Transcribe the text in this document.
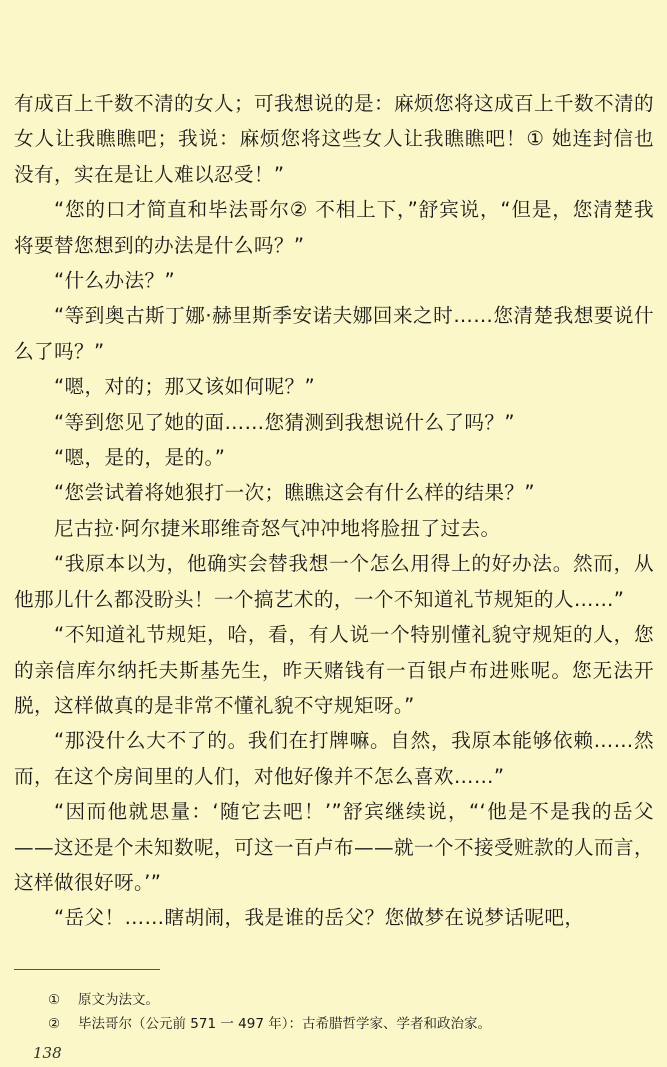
有成百上千数不清的女人；可我想说的是：麻烦您将这成百上千数不清的女人让我瞧瞧吧；我说：麻烦您将这些女人让我瞧瞧吧！① 她连封信也没有，实在是让人难以忍受！”

“您的口才简直和毕法哥尔② 不相上下，”舒宾说，“但是，您清楚我将要替您想到的办法是什么吗？”

“什么办法？”

“等到奥古斯丁娜·赫里斯季安诺夫娜回来之时……您清楚我想要说什么了吗？”

“嗯，对的；那又该如何呢？”

“等到您见了她的面……您猜测到我想说什么了吗？”

“嗯，是的，是的。”

“您尝试着将她狠打一次；瞧瞧这会有什么样的结果？”

尼古拉·阿尔捷米耶维奇怒气冲冲地将脸扭了过去。

“我原本以为，他确实会替我想一个怎么用得上的好办法。然而，从他那儿什么都没盼头！一个搞艺术的，一个不知道礼节规矩的人……”

“不知道礼节规矩，哈，看，有人说一个特别懂礼貌守规矩的人，您的亲信库尔纳托夫斯基先生，昨天赌钱有一百银卢布进账呢。您无法开脱，这样做真的是非常不懂礼貌不守规矩呀。”

“那没什么大不了的。我们在打牌嘛。自然，我原本能够依赖……然而，在这个房间里的人们，对他好像并不怎么喜欢……”

“因而他就思量：‘随它去吧！’”舒宾继续说，“‘他是不是我的岳父——这还是个未知数呢，可这一百卢布——就一个不接受赃款的人而言，这样做很好呀。’”

“岳父！……瞎胡闹，我是谁的岳父？您做梦在说梦话呢吧，

① 原文为法文。

② 毕法哥尔（公元前 571 一 497 年）：古希腊哲学家、学者和政治家。

138
